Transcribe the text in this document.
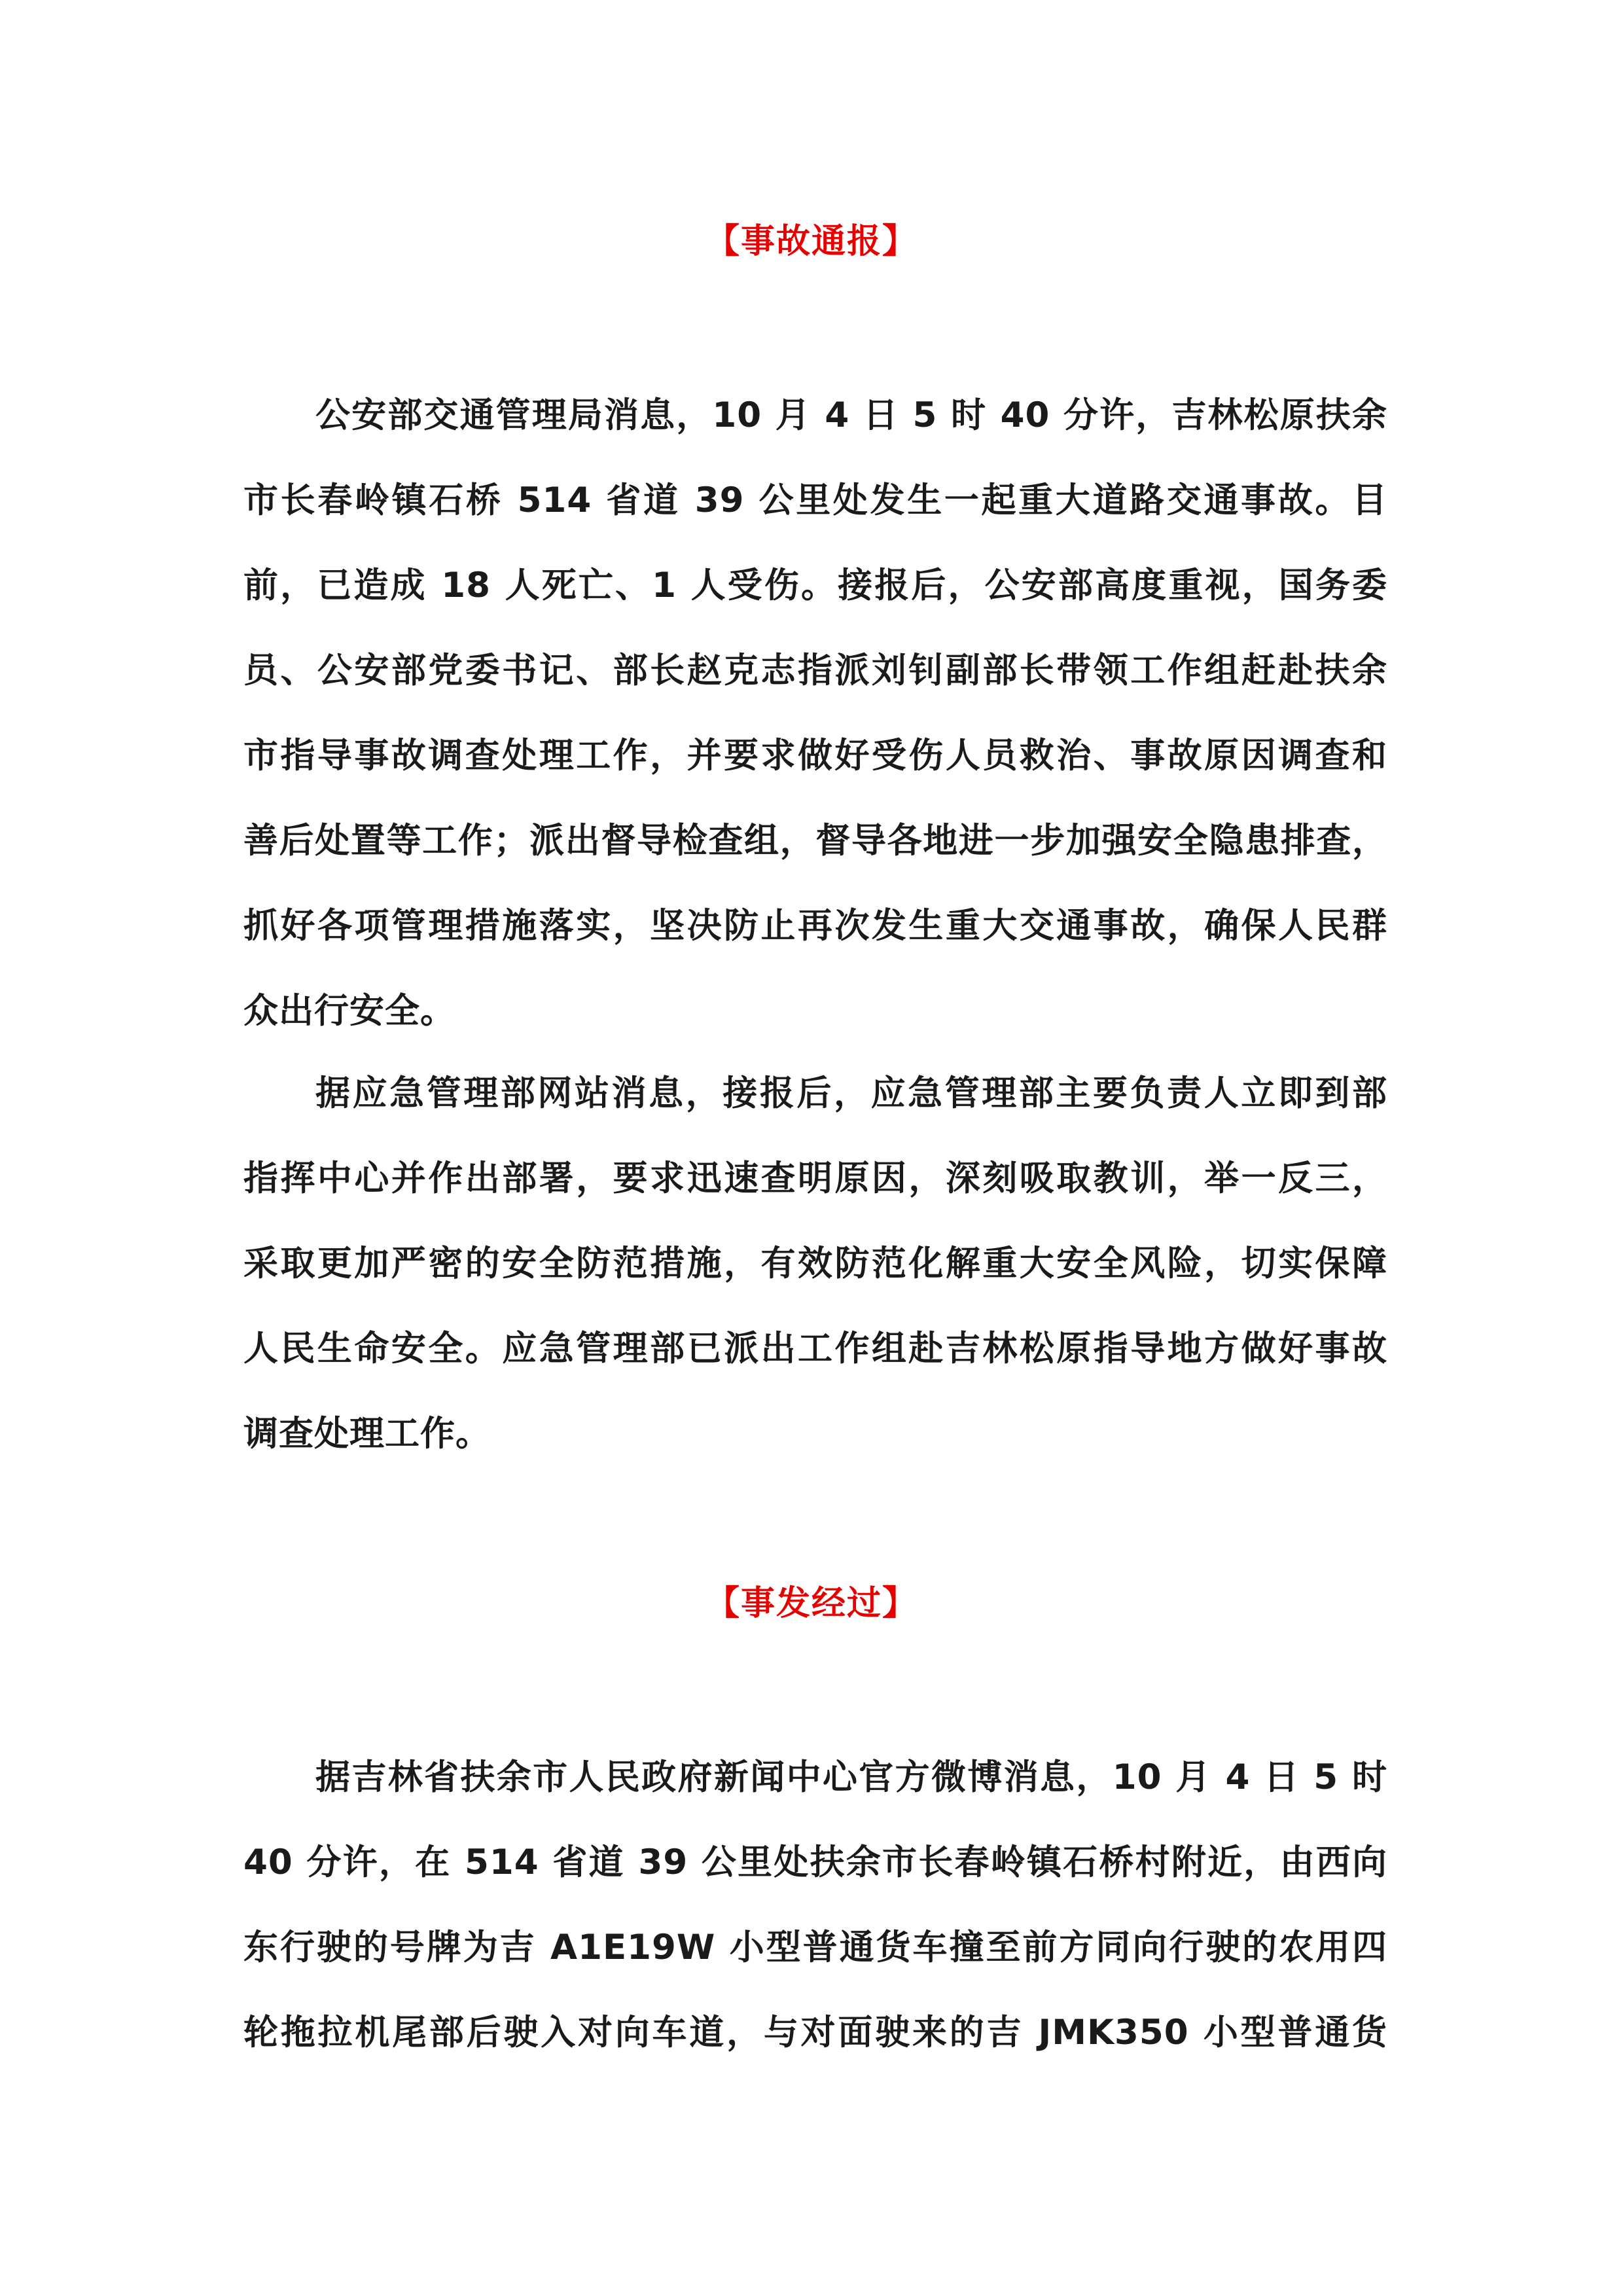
【事故通报】
公安部交通管理局消息，10 月 4 日 5 时 40 分许，吉林松原扶余
市长春岭镇石桥 514 省道 39 公里处发生一起重大道路交通事故。目
前，已造成 18 人死亡、1 人受伤。接报后，公安部高度重视，国务委
员、公安部党委书记、部长赵克志指派刘钊副部长带领工作组赶赴扶余
市指导事故调查处理工作，并要求做好受伤人员救治、事故原因调查和
善后处置等工作；派出督导检查组，督导各地进一步加强安全隐患排查，
抓好各项管理措施落实，坚决防止再次发生重大交通事故，确保人民群
众出行安全。
据应急管理部网站消息，接报后，应急管理部主要负责人立即到部
指挥中心并作出部署，要求迅速查明原因，深刻吸取教训，举一反三，
采取更加严密的安全防范措施，有效防范化解重大安全风险，切实保障
人民生命安全。应急管理部已派出工作组赴吉林松原指导地方做好事故
调查处理工作。
【事发经过】
据吉林省扶余市人民政府新闻中心官方微博消息，10 月 4 日 5 时
40 分许，在 514 省道 39 公里处扶余市长春岭镇石桥村附近，由西向
东行驶的号牌为吉 A1E19W 小型普通货车撞至前方同向行驶的农用四
轮拖拉机尾部后驶入对向车道，与对面驶来的吉 JMK350 小型普通货
